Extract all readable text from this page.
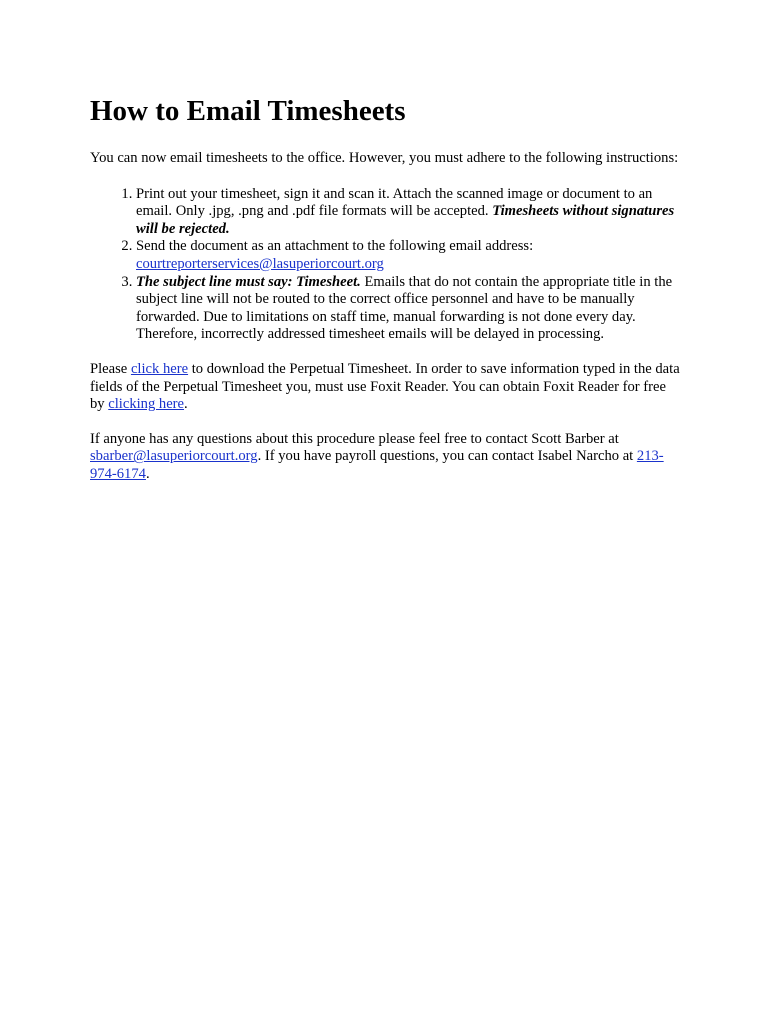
How to Email Timesheets

You can now email timesheets to the office. However, you must adhere to the following instructions:

1. Print out your timesheet, sign it and scan it. Attach the scanned image or document to an email. Only .jpg, .png and .pdf file formats will be accepted. Timesheets without signatures will be rejected.
2. Send the document as an attachment to the following email address:
courtreporterservices@lasuperiorcourt.org
3. The subject line must say: Timesheet. Emails that do not contain the appropriate title in the subject line will not be routed to the correct office personnel and have to be manually forwarded. Due to limitations on staff time, manual forwarding is not done every day. Therefore, incorrectly addressed timesheet emails will be delayed in processing.

Please click here to download the Perpetual Timesheet. In order to save information typed in the data fields of the Perpetual Timesheet you, must use Foxit Reader. You can obtain Foxit Reader for free by clicking here.

If anyone has any questions about this procedure please feel free to contact Scott Barber at sbarber@lasuperiorcourt.org. If you have payroll questions, you can contact Isabel Narcho at 213-974-6174.
